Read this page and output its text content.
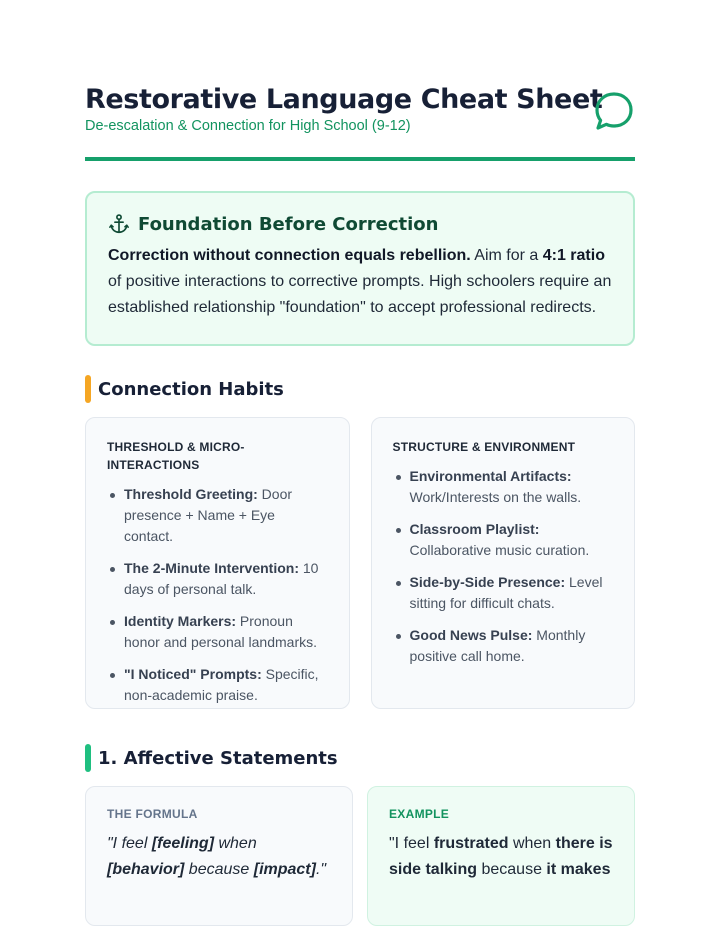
Restorative Language Cheat Sheet
De-escalation & Connection for High School (9-12)
Foundation Before Correction

Correction without connection equals rebellion. Aim for a 4:1 ratio of positive interactions to corrective prompts. High schoolers require an established relationship "foundation" to accept professional redirects.

Connection Habits
THRESHOLD & MICRO-INTERACTIONS
Threshold Greeting: Door presence + Name + Eye contact.
The 2-Minute Intervention: 10 days of personal talk.
Identity Markers: Pronoun honor and personal landmarks.
"I Noticed" Prompts: Specific, non-academic praise.
STRUCTURE & ENVIRONMENT
Environmental Artifacts: Work/Interests on the walls.
Classroom Playlist: Collaborative music curation.
Side-by-Side Presence: Level sitting for difficult chats.
Good News Pulse: Monthly positive call home.
1. Affective Statements
THE FORMULA

"I feel [feeling] when [behavior] because [impact]."

EXAMPLE

"I feel frustrated when there is side talking because it makes
